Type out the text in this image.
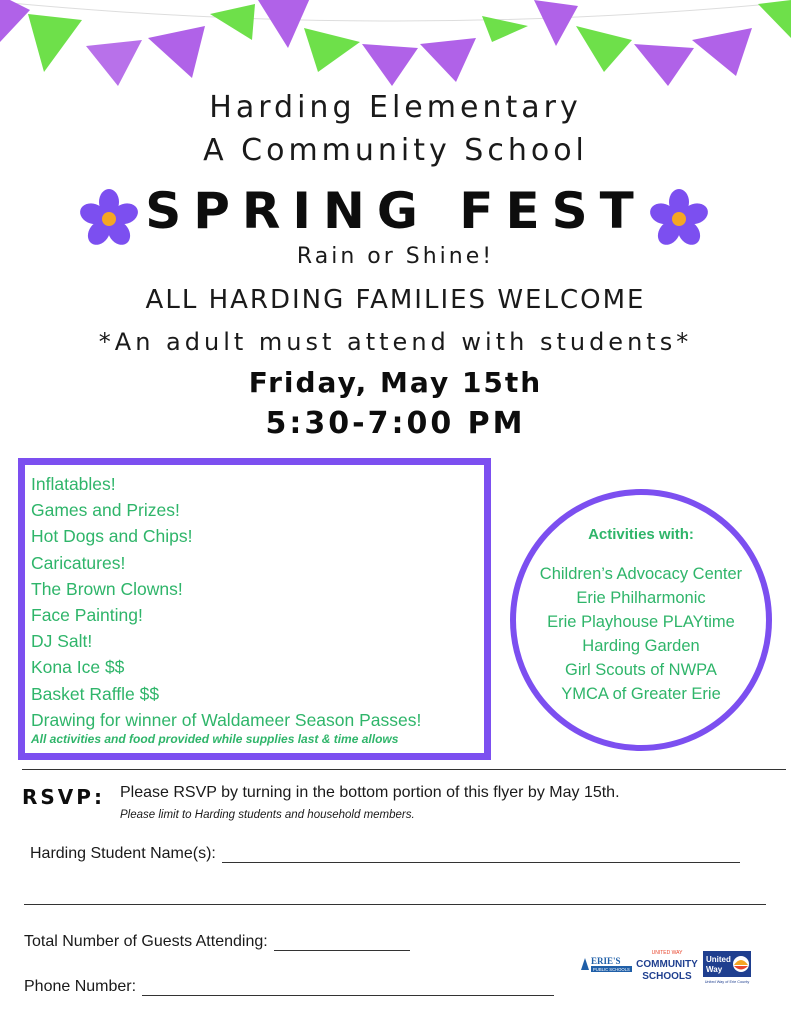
Harding Elementary
A Community School
SPRING FEST
Rain or Shine!
ALL HARDING FAMILIES WELCOME
*An adult must attend with students*
Friday, May 15th
5:30-7:00 PM
Inflatables!
Games and Prizes!
Hot Dogs and Chips!
Caricatures!
The Brown Clowns!
Face Painting!
DJ Salt!
Kona Ice $$
Basket Raffle $$
Drawing for winner of Waldameer Season Passes!
All activities and food provided while supplies last & time allows
Activities with:
Children’s Advocacy Center
Erie Philharmonic
Erie Playhouse PLAYtime
Harding Garden
Girl Scouts of NWPA
YMCA of Greater Erie
RSVP: Please RSVP by turning in the bottom portion of this flyer by May 15th.
Please limit to Harding students and household members.
Harding Student Name(s):
Total Number of Guests Attending:
Phone Number:
ERIE'S
PUBLIC SCHOOLS
UNITED WAY
COMMUNITY
SCHOOLS
United
Way
United Way of Erie County
